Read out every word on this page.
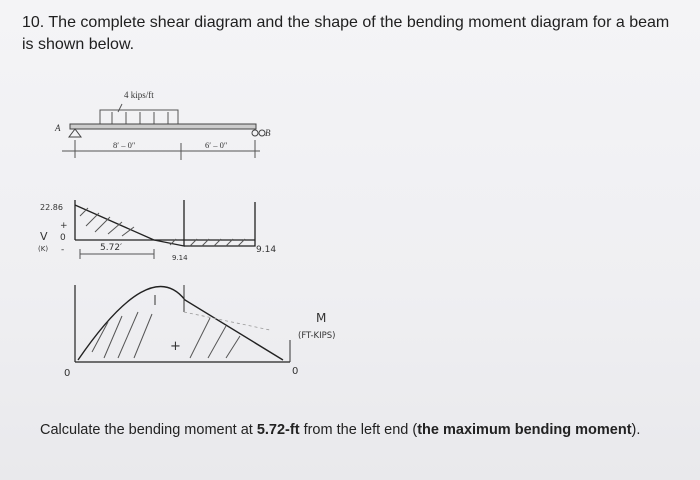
10. The complete shear diagram and the shape of the bending moment diagram for a beam is shown below.
4 kips/ft
A	B
8′ – 0″	6′ – 0″
22.86
V
(K)
+
0
-	5.72′
9.14
9.14
+
0	0
M
(FT-KIPS)
Calculate the bending moment at 5.72-ft from the left end (the maximum bending moment).
